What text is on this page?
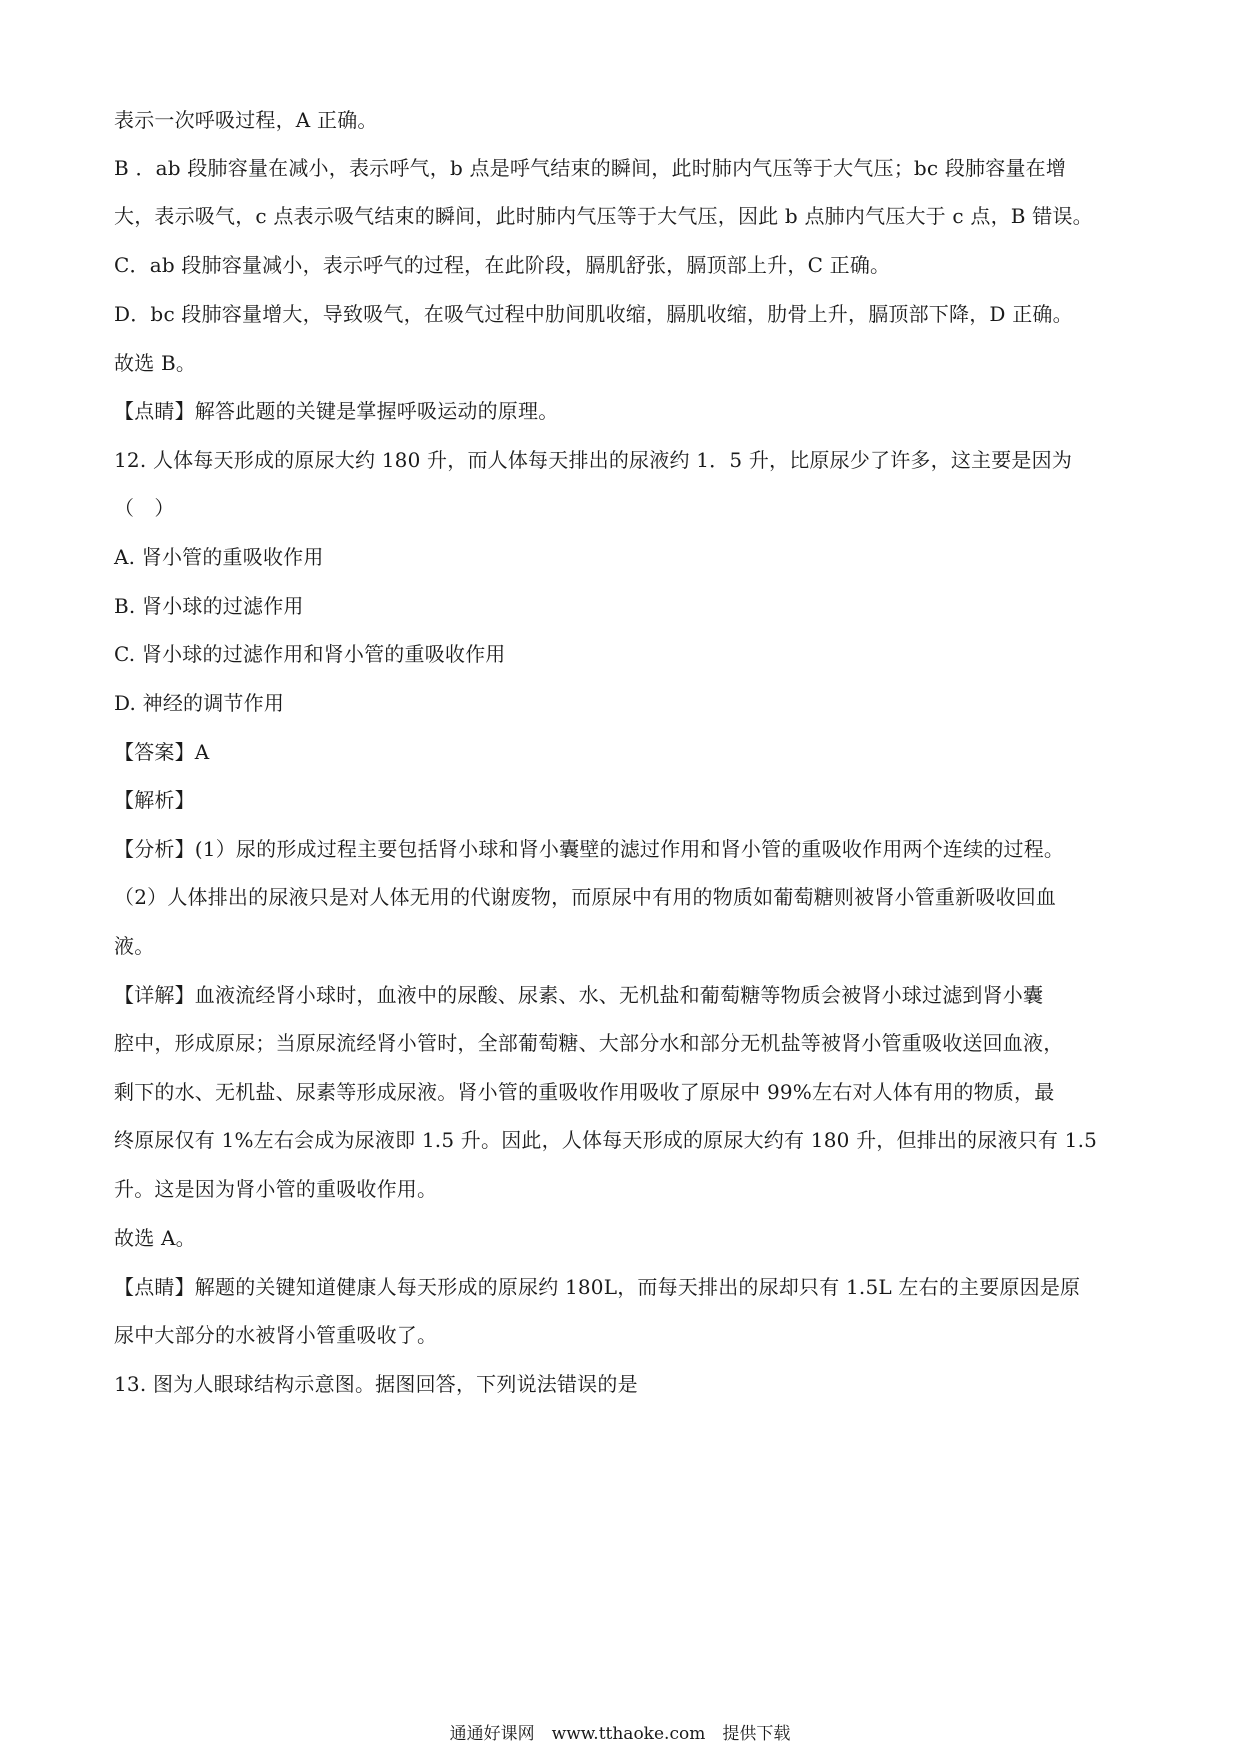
表示一次呼吸过程，A 正确。
B ．ab 段肺容量在减小，表示呼气，b 点是呼气结束的瞬间，此时肺内气压等于大气压；bc 段肺容量在增
大，表示吸气，c 点表示吸气结束的瞬间，此时肺内气压等于大气压，因此 b 点肺内气压大于 c 点，B 错误。
C．ab 段肺容量减小，表示呼气的过程，在此阶段，膈肌舒张，膈顶部上升，C 正确。
D．bc 段肺容量增大，导致吸气，在吸气过程中肋间肌收缩，膈肌收缩，肋骨上升，膈顶部下降，D 正确。
故选 B。
【点睛】解答此题的关键是掌握呼吸运动的原理。
12. 人体每天形成的原尿大约 180 升，而人体每天排出的尿液约 1．5 升，比原尿少了许多，这主要是因为
（　）
A. 肾小管的重吸收作用
B. 肾小球的过滤作用
C. 肾小球的过滤作用和肾小管的重吸收作用
D. 神经的调节作用
【答案】A
【解析】
【分析】(1）尿的形成过程主要包括肾小球和肾小囊壁的滤过作用和肾小管的重吸收作用两个连续的过程。
（2）人体排出的尿液只是对人体无用的代谢废物，而原尿中有用的物质如葡萄糖则被肾小管重新吸收回血
液。
【详解】血液流经肾小球时，血液中的尿酸、尿素、水、无机盐和葡萄糖等物质会被肾小球过滤到肾小囊
腔中，形成原尿；当原尿流经肾小管时，全部葡萄糖、大部分水和部分无机盐等被肾小管重吸收送回血液，
剩下的水、无机盐、尿素等形成尿液。肾小管的重吸收作用吸收了原尿中 99%左右对人体有用的物质，最
终原尿仅有 1%左右会成为尿液即 1.5 升。因此，人体每天形成的原尿大约有 180 升，但排出的尿液只有 1.5
升。这是因为肾小管的重吸收作用。
故选 A。
【点睛】解题的关键知道健康人每天形成的原尿约 180L，而每天排出的尿却只有 1.5L 左右的主要原因是原
尿中大部分的水被肾小管重吸收了。
13. 图为人眼球结构示意图。据图回答，下列说法错误的是
通通好课网　www.tthaoke.com　提供下载
